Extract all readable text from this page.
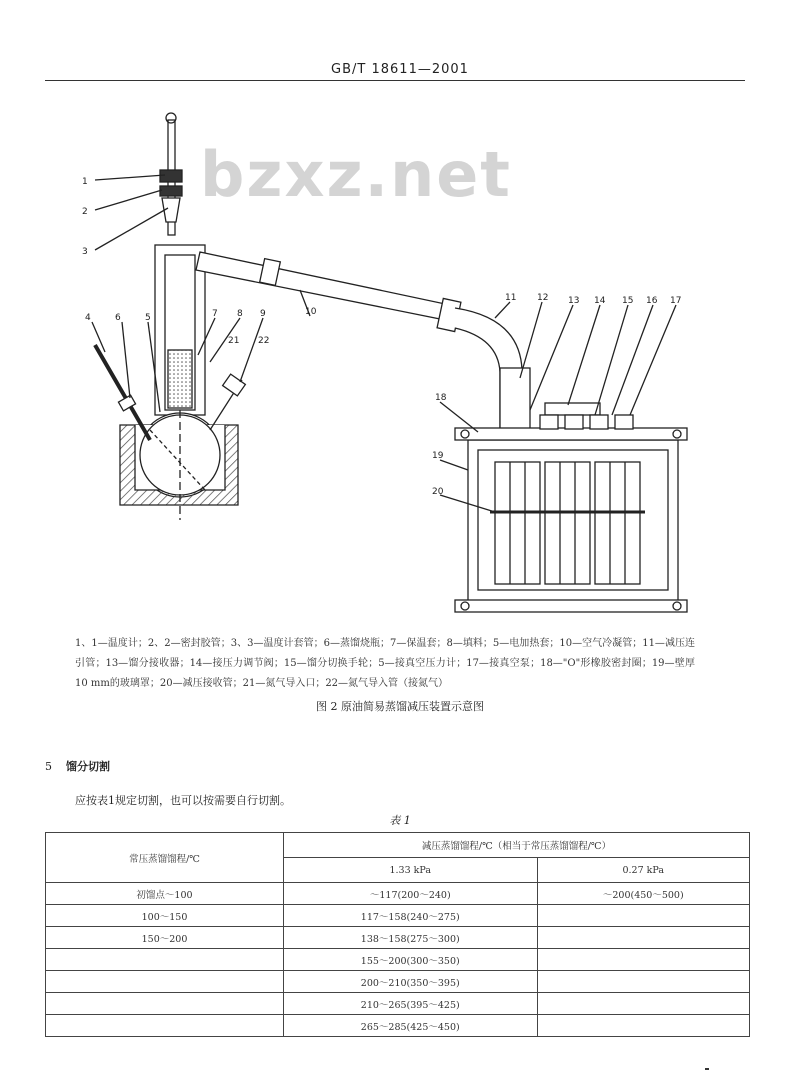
GB/T 18611—2001
1
2
3
4	5
6	7 8 9	10
11 12 13 14 15 16 17
18
19
20
21 22
bzxz.net
1、1—温度计；2、2—密封胶管；3、3—温度计套管；6—蒸馏烧瓶；7—保温套；8—填料；5—电加热套；10—空气冷凝管；11—减压连引管；13—馏分接收器；14—接压力调节阀；15—馏分切换手轮；5—接真空压力计；17—接真空泵；18—"O"形橡胶密封圈；19—壁厚10 mm的玻璃罩；20—减压接收管；21—氮气导入口；22—氮气导入管（接氮气）
图 2 原油简易蒸馏减压装置示意图
5 馏分切割
应按表1规定切割，也可以按需要自行切割。
表 1
常压蒸馏馏程/℃	减压蒸馏馏程/℃（相当于常压蒸馏馏程/℃）	
	1.33 kPa	0.27 kPa
初馏点～100	～117(200～240)	～200(450～500)
100～150	117～158(240～275)	
150～200	138～158(275～300)	
	155～200(300～350)	
	200～210(350～395)	
	210～265(395～425)	
	265～285(425～450)	
